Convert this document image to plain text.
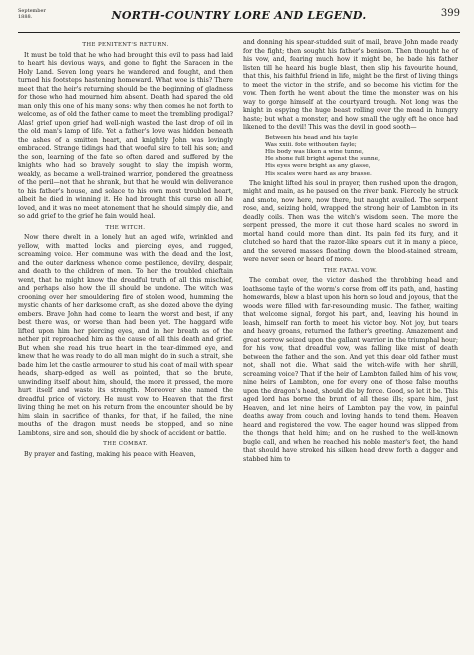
September
1888.	NORTH-COUNTRY LORE AND LEGEND.	399
THE PENITENT'S RETURN.

It must be told that he who had brought this evil to pass had laid to heart his devious ways, and gone to fight the Saracen in the Holy Land. Seven long years he wandered and fought, and then turned his footsteps hastening homeward. What woe is this? There meet that the heir's returning should be the beginning of gladness for those who had mourned him absent. Death had spared the old man only this one of his many sons: why then comes he not forth to welcome, as of old the father came to meet the trembling prodigal? Alas! grief upon grief had well-nigh wasted the last drop of oil in the old man's lamp of life. Yet a father's love was hidden beneath the ashes of a smitten heart, and knightly John was lovingly embraced. Strange tidings had that woeful sire to tell his son; and the son, learning of the fate so often dared and suffered by the knights who had so bravely sought to slay the impish worm, weakly, as became a well-trained warrior, pondered the greatness of the peril—not that he shrank, but that he would win deliverance to his father's house, and solace to his own most troubled heart, albeit he died in winning it. He had brought this curse on all he loved, and it was no meet atonement that he should simply die, and so add grief to the grief he fain would heal.

THE WITCH.

Now there dwelt in a lonely hut an aged wife, wrinkled and yellow, with matted locks and piercing eyes, and rugged, screaming voice. Her commune was with the dead and the lost, and the outer darkness whence come pestilence, devilry, despair, and death to the children of men. To her the troubled chieftain went, that he might know the dreadful truth of all this mischief, and perhaps also how the ill should be undone. The witch was crooning over her smouldering fire of stolen wood, humming the mystic chants of her darksome craft, as she dozed above the dying embers. Brave John had come to learn the worst and best, if any best there was, or worse than had been yet. The haggard wife lifted upon him her piercing eyes, and in her breath as of the nether pit reproached him as the cause of all this death and grief. But when she read his true heart in the tear-dimmed eye, and knew that he was ready to do all man might do in such a strait, she bade him let the castle armourer to stud his coat of mail with spear heads, sharp-edged as well as pointed, that so the brute, unwinding itself about him, should, the more it pressed, the more hurt itself and waste its strength. Moreover she named the dreadful price of victory. He must vow to Heaven that the first living thing he met on his return from the encounter should be by him slain in sacrifice of thanks, for that, if he failed, the nine mouths of the dragon must needs be stopped, and so nine Lambtons, sire and son, should die by shock of accident or battle.

THE COMBAT.

By prayer and fasting, making his peace with Heaven,

and donning his spear-studded suit of mail, brave John made ready for the fight; then sought his father's benison. Then thought he of his vow, and, fearing much how it might be, he bade his father listen till he heard his bugle blast, then slip his favourite hound, that this, his faithful friend in life, might be the first of living things to meet the victor in the strife, and so become his victim for the vow. Then forth he went about the time the monster was on his way to gorge himself at the courtyard trough. Not long was the knight in espying the huge beast rolling over the mead in hungry haste; but what a monster, and how small the ugly eft he once had likened to the devil! This was the devil in good sooth—

Between his head and his tayle
Was xxiii. fote withouten fayle;
His body was liken a wine tunne,
He shone full bright agenst the sunne,
His eyes were bright as any glasse,
His scales were hard as any brasse.

The knight lifted his soul in prayer, then rushed upon the dragon, might and main, as he paused on the river bank. Fiercely he struck and smote, now here, now there, but naught availed. The serpent rose, and, seizing hold, wrapped the strong heir of Lambton in its deadly coils. Then was the witch's wisdom seen. The more the serpent pressed, the more it cut those hard scales no sword in mortal hand could more than dint. Its pain fed its fury, and it clutched so hard that the razor-like spears cut it in many a piece, and the severed masses floating down the blood-stained stream, were never seen or heard of more.

THE FATAL VOW.

The combat over, the victor dashed the throbbing head and loathsome tayle of the worm's corse from off its path, and, hasting homewards, blew a blast upon his horn so loud and joyous, that the woods were filled with far-resounding music. The father, waiting that welcome signal, forgot his part, and, leaving his hound in leash, himself ran forth to meet his victor boy. Not joy, but tears and heavy groans, returned the father's greeting. Amazement and great sorrow seized upon the gallant warrior in the triumphal hour; for his vow, that dreadful vow, was falling like mist of death between the father and the son. And yet this dear old father must not, shall not die. What said the witch-wife with her shrill, screaming voice? That if the heir of Lambton failed him of his vow, nine heirs of Lambton, one for every one of those false mouths upon the dragon's head, should die by force. Good, so let it be. This aged lord has borne the brunt of all these ills; spare him, just Heaven, and let nine heirs of Lambton pay the vow, in painful deaths away from couch and loving hands to tend them. Heaven heard and registered the vow. The eager hound was slipped from the thongs that held him; and on he rushed to the well-known bugle call, and when he reached his noble master's feet, the hand that should have stroked his silken head drew forth a dagger and stabbed him to
